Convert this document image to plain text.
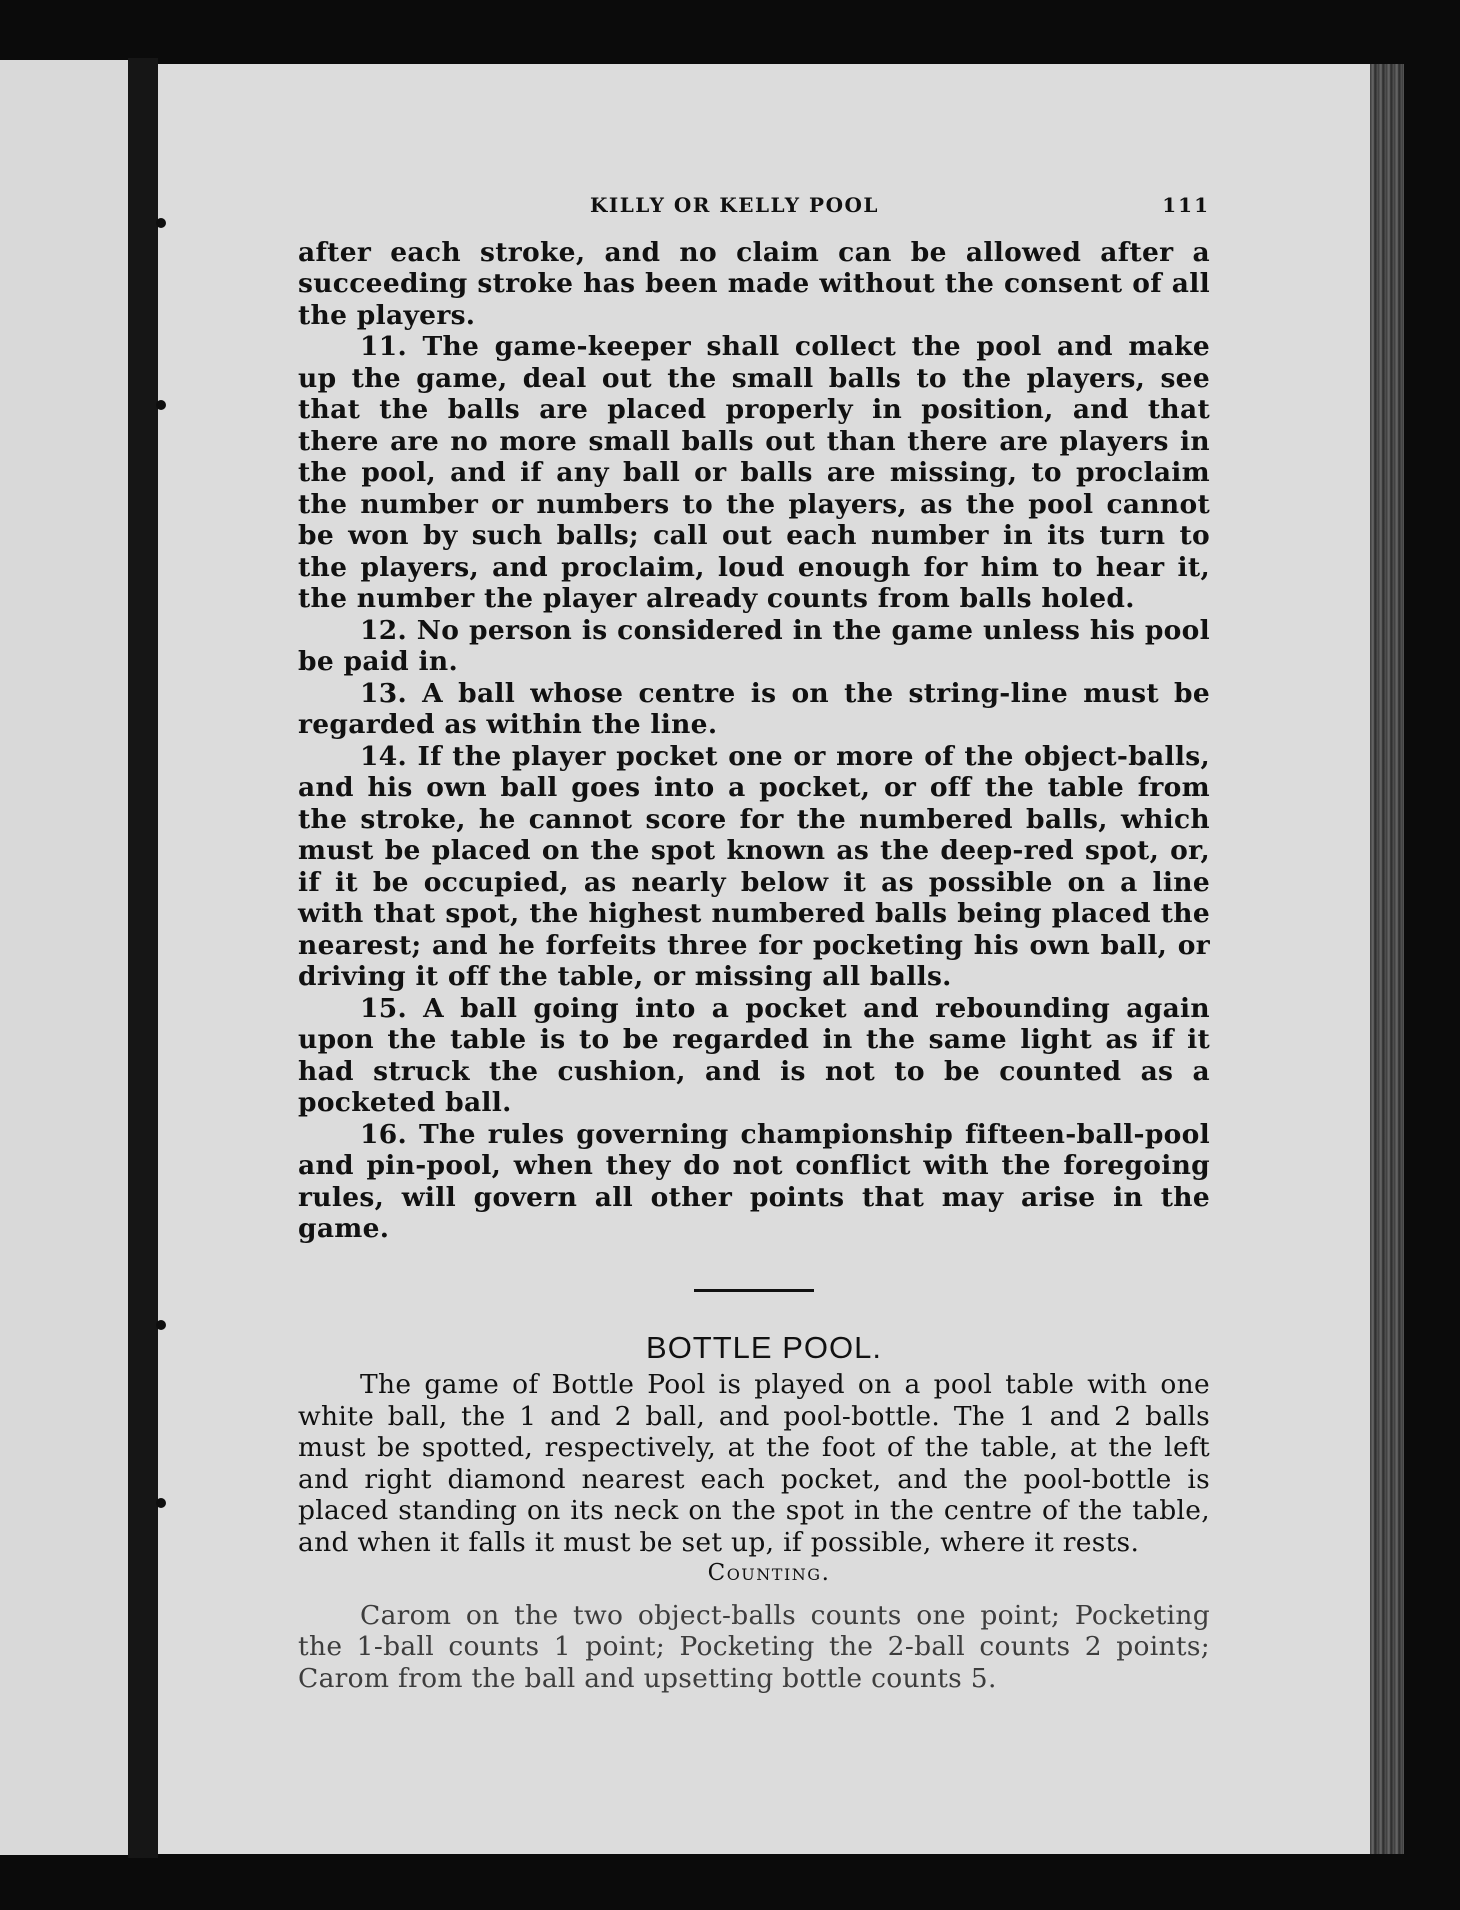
KILLY OR KELLY POOL	111

after each stroke, and no claim can be allowed after a succeeding stroke has been made without the consent of all the players.

11. The game-keeper shall collect the pool and make up the game, deal out the small balls to the players, see that the balls are placed properly in position, and that there are no more small balls out than there are players in the pool, and if any ball or balls are missing, to proclaim the number or numbers to the players, as the pool cannot be won by such balls; call out each number in its turn to the players, and proclaim, loud enough for him to hear it, the number the player already counts from balls holed.

12. No person is considered in the game unless his pool be paid in.

13. A ball whose centre is on the string-line must be regarded as within the line.

14. If the player pocket one or more of the object-balls, and his own ball goes into a pocket, or off the table from the stroke, he cannot score for the numbered balls, which must be placed on the spot known as the deep-red spot, or, if it be occupied, as nearly below it as possible on a line with that spot, the highest numbered balls being placed the nearest; and he forfeits three for pocketing his own ball, or driving it off the table, or missing all balls.

15. A ball going into a pocket and rebounding again upon the table is to be regarded in the same light as if it had struck the cushion, and is not to be counted as a pocketed ball.

16. The rules governing championship fifteen-ball-pool and pin-pool, when they do not conflict with the foregoing rules, will govern all other points that may arise in the game.

BOTTLE POOL.

The game of Bottle Pool is played on a pool table with one white ball, the 1 and 2 ball, and pool-bottle. The 1 and 2 balls must be spotted, respectively, at the foot of the table, at the left and right diamond nearest each pocket, and the pool-bottle is placed standing on its neck on the spot in the centre of the table, and when it falls it must be set up, if possible, where it rests.

Counting.

Carom on the two object-balls counts one point; Pocketing the 1-ball counts 1 point; Pocketing the 2-ball counts 2 points; Carom from the ball and upsetting bottle counts 5.
